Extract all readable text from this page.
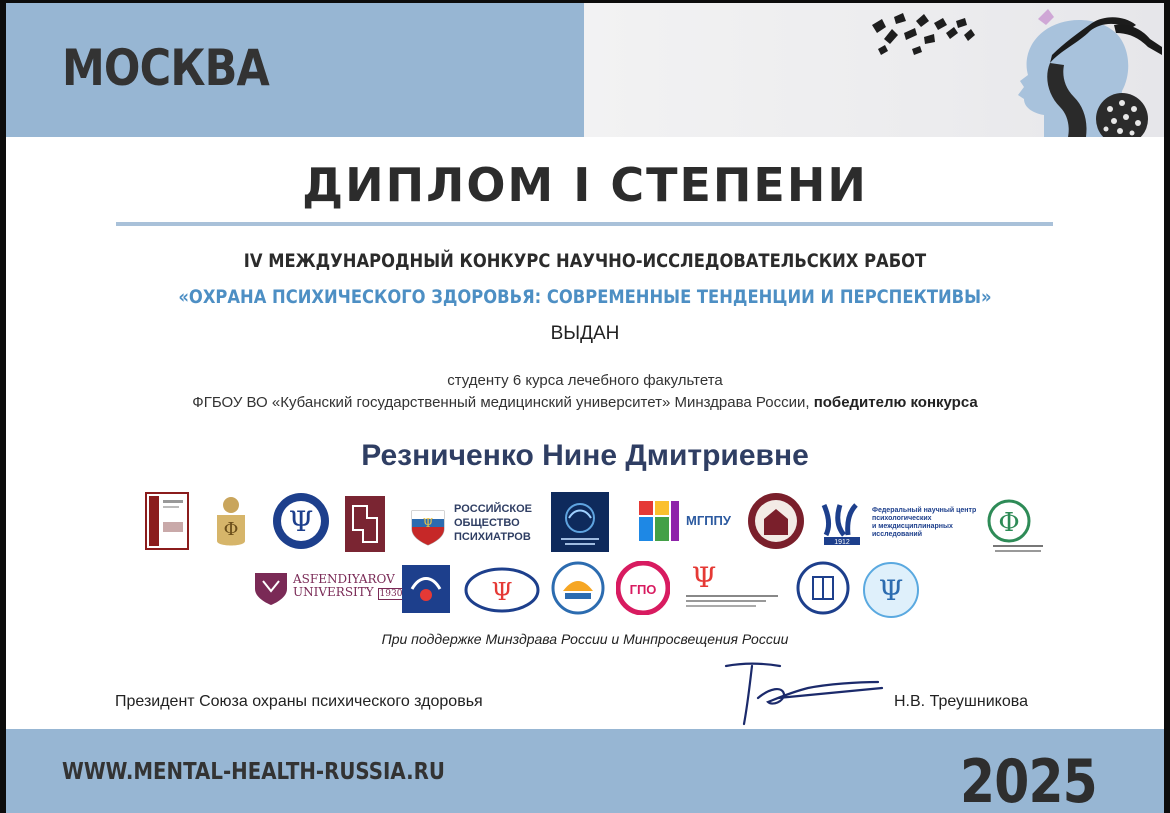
МОСКВА
ДИПЛОМ I СТЕПЕНИ
IV МЕЖДУНАРОДНЫЙ КОНКУРС НАУЧНО-ИССЛЕДОВАТЕЛЬСКИХ РАБОТ
«ОХРАНА ПСИХИЧЕСКОГО ЗДОРОВЬЯ: СОВРЕМЕННЫЕ ТЕНДЕНЦИИ И ПЕРСПЕКТИВЫ»
ВЫДАН
студенту 6 курса лечебного факультета
ФГБОУ ВО «Кубанский государственный медицинский университет» Минздрава России, победителю конкурса
Резниченко Нине Дмитриевне
Φ Ψ	Ψ
РОССИЙСКОЕ
ОБЩЕСТВО
ПСИХИАТРОВ
МГППУ
1912
Федеральный научный центр
психологических
и междисциплинарных
исследований	Φ
ASFENDIYAROV
UNIVERSITY 1930	Ψ	ГПО Ψ	Ψ
При поддержке Минздрава России и Минпросвещения России
Президент Союза охраны психического здоровья	Н.В. Треушникова
WWW.MENTAL-HEALTH-RUSSIA.RU	2025
